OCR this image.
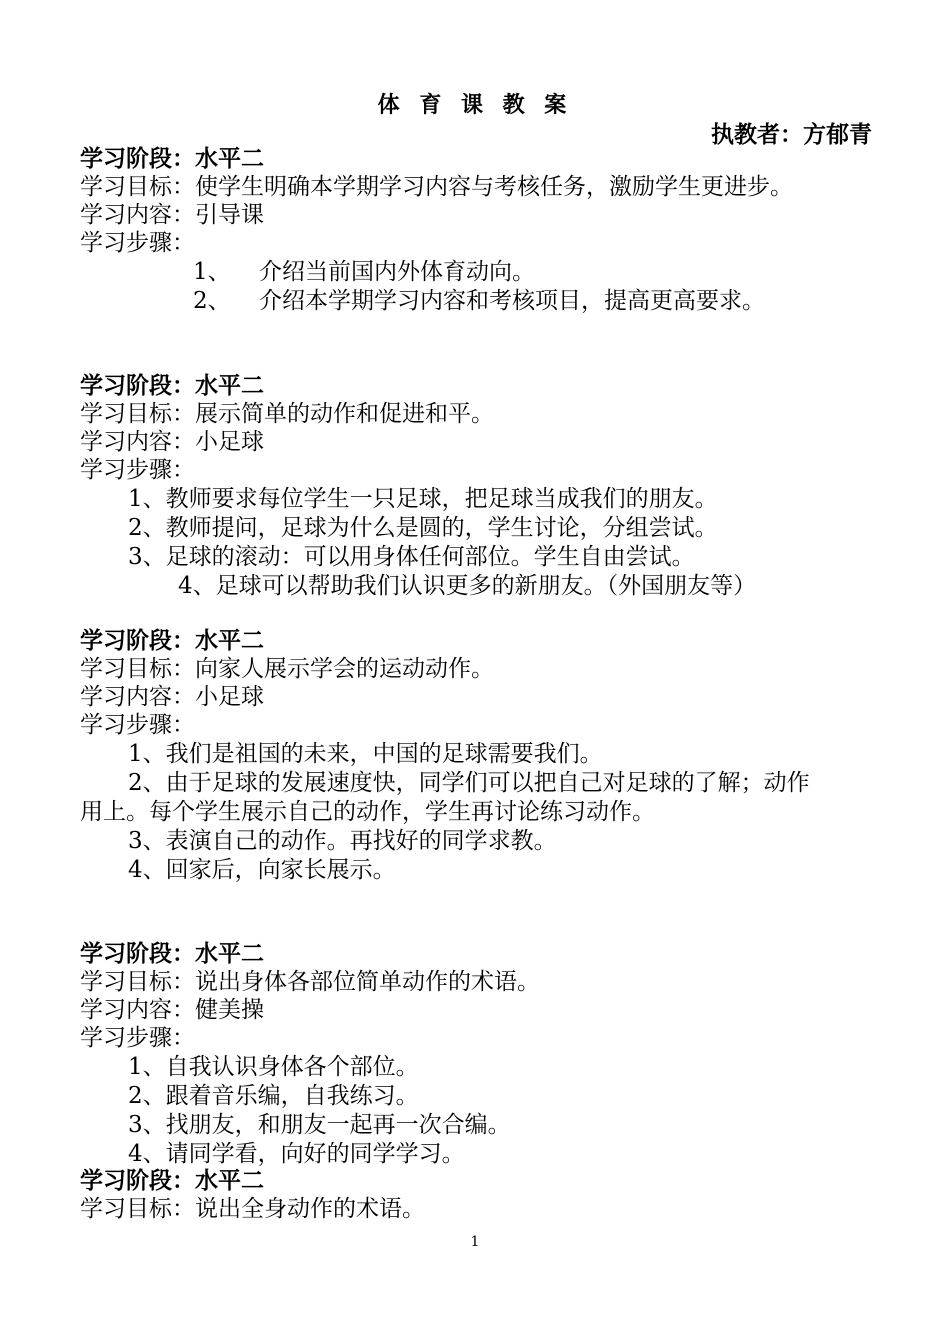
体 育 课 教 案
执教者：方郁青
学习阶段：水平二
学习目标：使学生明确本学期学习内容与考核任务，激励学生更进步。
学习内容：引导课
学习步骤：
1、 介绍当前国内外体育动向。
2、 介绍本学期学习内容和考核项目，提高更高要求。
学习阶段：水平二
学习目标：展示简单的动作和促进和平。
学习内容：小足球
学习步骤：
1、教师要求每位学生一只足球，把足球当成我们的朋友。
2、教师提问，足球为什么是圆的，学生讨论，分组尝试。
3、足球的滚动：可以用身体任何部位。学生自由尝试。
4、足球可以帮助我们认识更多的新朋友。（外国朋友等）
学习阶段：水平二
学习目标：向家人展示学会的运动动作。
学习内容：小足球
学习步骤：
1、我们是祖国的未来，中国的足球需要我们。
2、由于足球的发展速度快，同学们可以把自己对足球的了解；动作
用上。每个学生展示自己的动作，学生再讨论练习动作。
3、表演自己的动作。再找好的同学求教。
4、回家后，向家长展示。
学习阶段：水平二
学习目标：说出身体各部位简单动作的术语。
学习内容：健美操
学习步骤：
1、自我认识身体各个部位。
2、跟着音乐编，自我练习。
3、找朋友，和朋友一起再一次合编。
4、请同学看，向好的同学学习。
学习阶段：水平二
学习目标：说出全身动作的术语。
1
